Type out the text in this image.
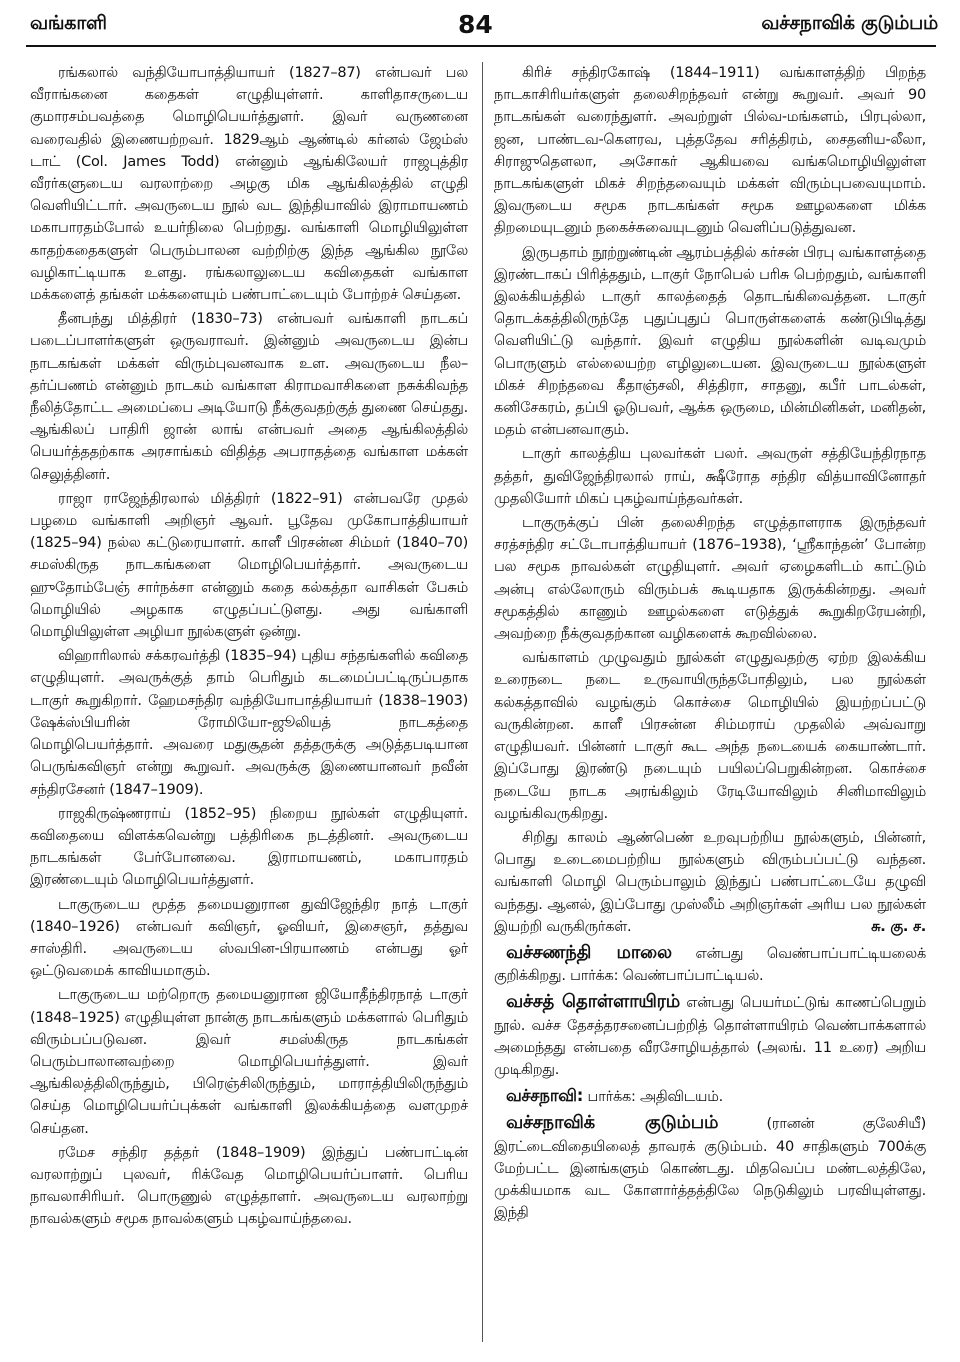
வங்காளி	84	வச்சநாவிக் குடும்பம்

ரங்கலால் வந்தியோபாத்தியாயர் (1827–87) என்பவர் பல வீராங்கனை கதைகள் எழுதியுள்ளர். காளிதாசருடைய குமாரசம்பவத்தை மொழிபெயர்த்துளர். இவர் வருணனை வரைவதில் இணையற்றவர். 1829ஆம் ஆண்டில் கர்னல் ஜேம்ஸ் டாட் (Col. James Todd) என்னும் ஆங்கிலேயர் ராஜபுத்திர வீரர்களுடைய வரலாற்றை அழகு மிக ஆங்கிலத்தில் எழுதி வெளியிட்டார். அவருடைய நூல் வட இந்தியாவில் இராமாயணம் மகாபாரதம்போல் உயர்நிலை பெற்றது. வங்காளி மொழியிலுள்ள காதற்கதைகளுள் பெரும்பாலன வற்றிற்கு இந்த ஆங்கில நூலே வழிகாட்டியாக உளது. ரங்கலாலுடைய கவிதைகள் வங்காள மக்களைத் தங்கள் மக்களையும் பண்பாட்டையும் போற்றச் செய்தன.

தீனபந்து மித்திரர் (1830–73) என்பவர் வங்காளி நாடகப் படைப்பாளர்களுள் ஒருவராவர். இன்னும் அவருடைய இன்ப நாடகங்கள் மக்கள் விரும்புவனவாக உள. அவருடைய நீல–தர்ப்பணம் என்னும் நாடகம் வங்காள கிராமவாசிகளை நசுக்கிவந்த நீலித்தோட்ட அமைப்பை அடியோடு நீக்குவதற்குத் துணை செய்தது. ஆங்கிலப் பாதிரி ஜான் லாங் என்பவர் அதை ஆங்கிலத்தில் பெயர்த்ததற்காக அரசாங்கம் விதித்த அபராதத்தை வங்காள மக்கள் செலுத்தினர்.

ராஜா ராஜேந்திரலால் மித்திரர் (1822–91) என்பவரே முதல் பழமை வங்காளி அறிஞர் ஆவர். பூதேவ முகோபாத்தியாயர் (1825–94) நல்ல கட்டுரையாளர். காளீ பிரசன்ன சிம்மர் (1840–70) சமஸ்கிருத நாடகங்களை மொழிபெயர்த்தார். அவருடைய ஹுதோம்பேஞ் சார்நக்சா என்னும் கதை கல்கத்தா வாசிகள் பேசும் மொழியில் அழகாக எழுதப்பட்டுளது. அது வங்காளி மொழியிலுள்ள அழியா நூல்களுள் ஒன்று.

விஹாரிலால் சக்கரவர்த்தி (1835–94) புதிய சந்தங்களில் கவிதை எழுதியுளர். அவருக்குத் தாம் பெரிதும் கடமைப்பட்டிருப்பதாக டாகுர் கூறுகிறார். ஹேமசந்திர வந்தியோபாத்தியாயர் (1838–1903) ஷேக்ஸ்பியரின் ரோமியோ-ஜூலியத் நாடகத்தை மொழிபெயர்த்தார். அவரை மதுசூதன் தத்தருக்கு அடுத்தபடியான பெருங்கவிஞர் என்று கூறுவர். அவருக்கு இணையானவர் நவீன் சந்திரசேனர் (1847–1909).

ராஜகிருஷ்ணராய் (1852–95) நிறைய நூல்கள் எழுதியுளர். கவிதையை விளக்கவென்று பத்திரிகை நடத்தினர். அவருடைய நாடகங்கள் பேர்போனவை. இராமாயணம், மகாபாரதம் இரண்டையும் மொழிபெயர்த்துளர்.

டாகுருடைய மூத்த தமையனுரான துவிஜேந்திர நாத் டாகுர் (1840–1926) என்பவர் கவிஞர், ஓவியர், இசைஞர், தத்துவ சாஸ்திரி. அவருடைய ஸ்வபின-பிரயாணம் என்பது ஓர் ஒட்டுவமைக் காவியமாகும்.

டாகுருடைய மற்றொரு தமையனுரான ஜியோதீந்திரநாத் டாகுர் (1848–1925) எழுதியுள்ள நான்கு நாடகங்களும் மக்களால் பெரிதும் விரும்பப்படுவன. இவர் சமஸ்கிருத நாடகங்கள் பெரும்பாலானவற்றை மொழிபெயர்த்துளர். இவர் ஆங்கிலத்திலிருந்தும், பிரெஞ்சிலிருந்தும், மாராத்தியிலிருந்தும் செய்த மொழிபெயர்ப்புக்கள் வங்காளி இலக்கியத்தை வளமுறச் செய்தன.

ரமேச சந்திர தத்தர் (1848–1909) இந்துப் பண்பாட்டின் வரலாற்றுப் புலவர், ரிக்வேத மொழிபெயர்ப்பாளர். பெரிய நாவலாசிரியர். பொருணுல் எழுத்தாளர். அவருடைய வரலாற்று நாவல்களும் சமூக நாவல்களும் புகழ்வாய்ந்தவை.

கிரிச் சந்திரகோஷ் (1844–1911) வங்காளத்திற் பிறந்த நாடகாசிரியர்களுள் தலைசிறந்தவர் என்று கூறுவர். அவர் 90 நாடகங்கள் வரைந்துளர். அவற்றுள் பில்வ-மங்களம், பிரபுல்லா, ஜன, பாண்டவ-கௌரவ, புத்ததேவ சரித்திரம், சைதனிய-லீலா, சிராஜுதௌலா, அசோகர் ஆகியவை வங்கமொழியிலுள்ள நாடகங்களுள் மிகச் சிறந்தவையும் மக்கள் விரும்புபவையுமாம். இவருடைய சமூக நாடகங்கள் சமூக ஊழலகளை மிக்க திறமையுடனும் நகைச்சுவையுடனும் வெளிப்படுத்துவன.

இருபதாம் நூற்றுண்டின் ஆரம்பத்தில் கர்சன் பிரபு வங்காளத்தை இரண்டாகப் பிரித்ததும், டாகுர் நோபெல் பரிசு பெற்றதும், வங்காளி இலக்கியத்தில் டாகுர் காலத்தைத் தொடங்கிவைத்தன. டாகுர் தொடக்கத்திலிருந்தே புதுப்புதுப் பொருள்களைக் கண்டுபிடித்து வெளியிட்டு வந்தார். இவர் எழுதிய நூல்களின் வடிவமும் பொருளும் எல்லையற்ற எழிலுடையன. இவருடைய நூல்களுள் மிகச் சிறந்தவை கீதாஞ்சலி, சித்திரா, சாதனு, கபீர் பாடல்கள், கனிசேகரம், தப்பி ஓடுபவர், ஆக்க ஒருமை, மின்மினிகள், மனிதன், மதம் என்பனவாகும்.

டாகுர் காலத்திய புலவர்கள் பலர். அவருள் சத்தியேந்திரநாத தத்தர், துவிஜேந்திரலால் ராய், க்ஷீரோத சந்திர வித்யாவினோதர் முதலியோர் மிகப் புகழ்வாய்ந்தவர்கள்.

டாகுருக்குப் பின் தலைசிறந்த எழுத்தாளராக இருந்தவர் சரத்சந்திர சட்டோபாத்தியாயர் (1876–1938), ‘ஸ்ரீகாந்தன்’ போன்ற பல சமூக நாவல்கள் எழுதியுளர். அவர் ஏழைகளிடம் காட்டும் அன்பு எல்லோரும் விரும்பக் கூடியதாக இருக்கின்றது. அவர் சமூகத்தில் காணும் ஊழல்களை எடுத்துக் கூறுகிறரேயன்றி, அவற்றை நீக்குவதற்கான வழிகளைக் கூறவில்லை.

வங்காளம் முழுவதும் நூல்கள் எழுதுவதற்கு ஏற்ற இலக்கிய உரைநடை நடை உருவாயிருந்தபோதிலும், பல நூல்கள் கல்கத்தாவில் வழங்கும் கொச்சை மொழியில் இயற்றப்பட்டு வருகின்றன. காளீ பிரசன்ன சிம்மராய் முதலில் அவ்வாறு எழுதியவர். பின்னர் டாகுர் கூட அந்த நடையைக் கையாண்டார். இப்போது இரண்டு நடையும் பயிலப்பெறுகின்றன. கொச்சை நடையே நாடக அரங்கிலும் ரேடியோவிலும் சினிமாவிலும் வழங்கிவருகிறது.

சிறிது காலம் ஆண்பெண் உறவுபற்றிய நூல்களும், பின்னர், பொது உடைமைபற்றிய நூல்களும் விரும்பப்பட்டு வந்தன. வங்காளி மொழி பெரும்பாலும் இந்துப் பண்பாட்டையே தழுவி வந்தது. ஆனல், இப்போது முஸ்லீம் அறிஞர்கள் அரிய பல நூல்கள் இயற்றி வருகிருர்கள்.	சு. கு. ச.

வச்சணந்தி மாலை என்பது வெண்பாப்பாட்டியலைக் குறிக்கிறது. பார்க்க: வெண்பாப்பாட்டியல்.

வச்சத் தொள்ளாயிரம் என்பது பெயர்மட்டுங் காணப்பெறும் நூல். வச்ச தேசத்தரசனைப்பற்றித் தொள்ளாயிரம் வெண்பாக்களால் அமைந்தது என்பதை வீரசோழியத்தால் (அலங். 11 உரை) அறிய முடிகிறது.

வச்சநாவி: பார்க்க: அதிவிடயம்.

வச்சநாவிக் குடும்பம் (ரானன் குலேசியீ) இரட்டைவிதையிலைத் தாவரக் குடும்பம். 40 சாதிகளும் 700க்கு மேற்பட்ட இனங்களும் கொண்டது. மிதவெப்ப மண்டலத்திலே, முக்கியமாக வட கோளார்த்தத்திலே நெடுகிலும் பரவியுள்ளது. இந்தி
